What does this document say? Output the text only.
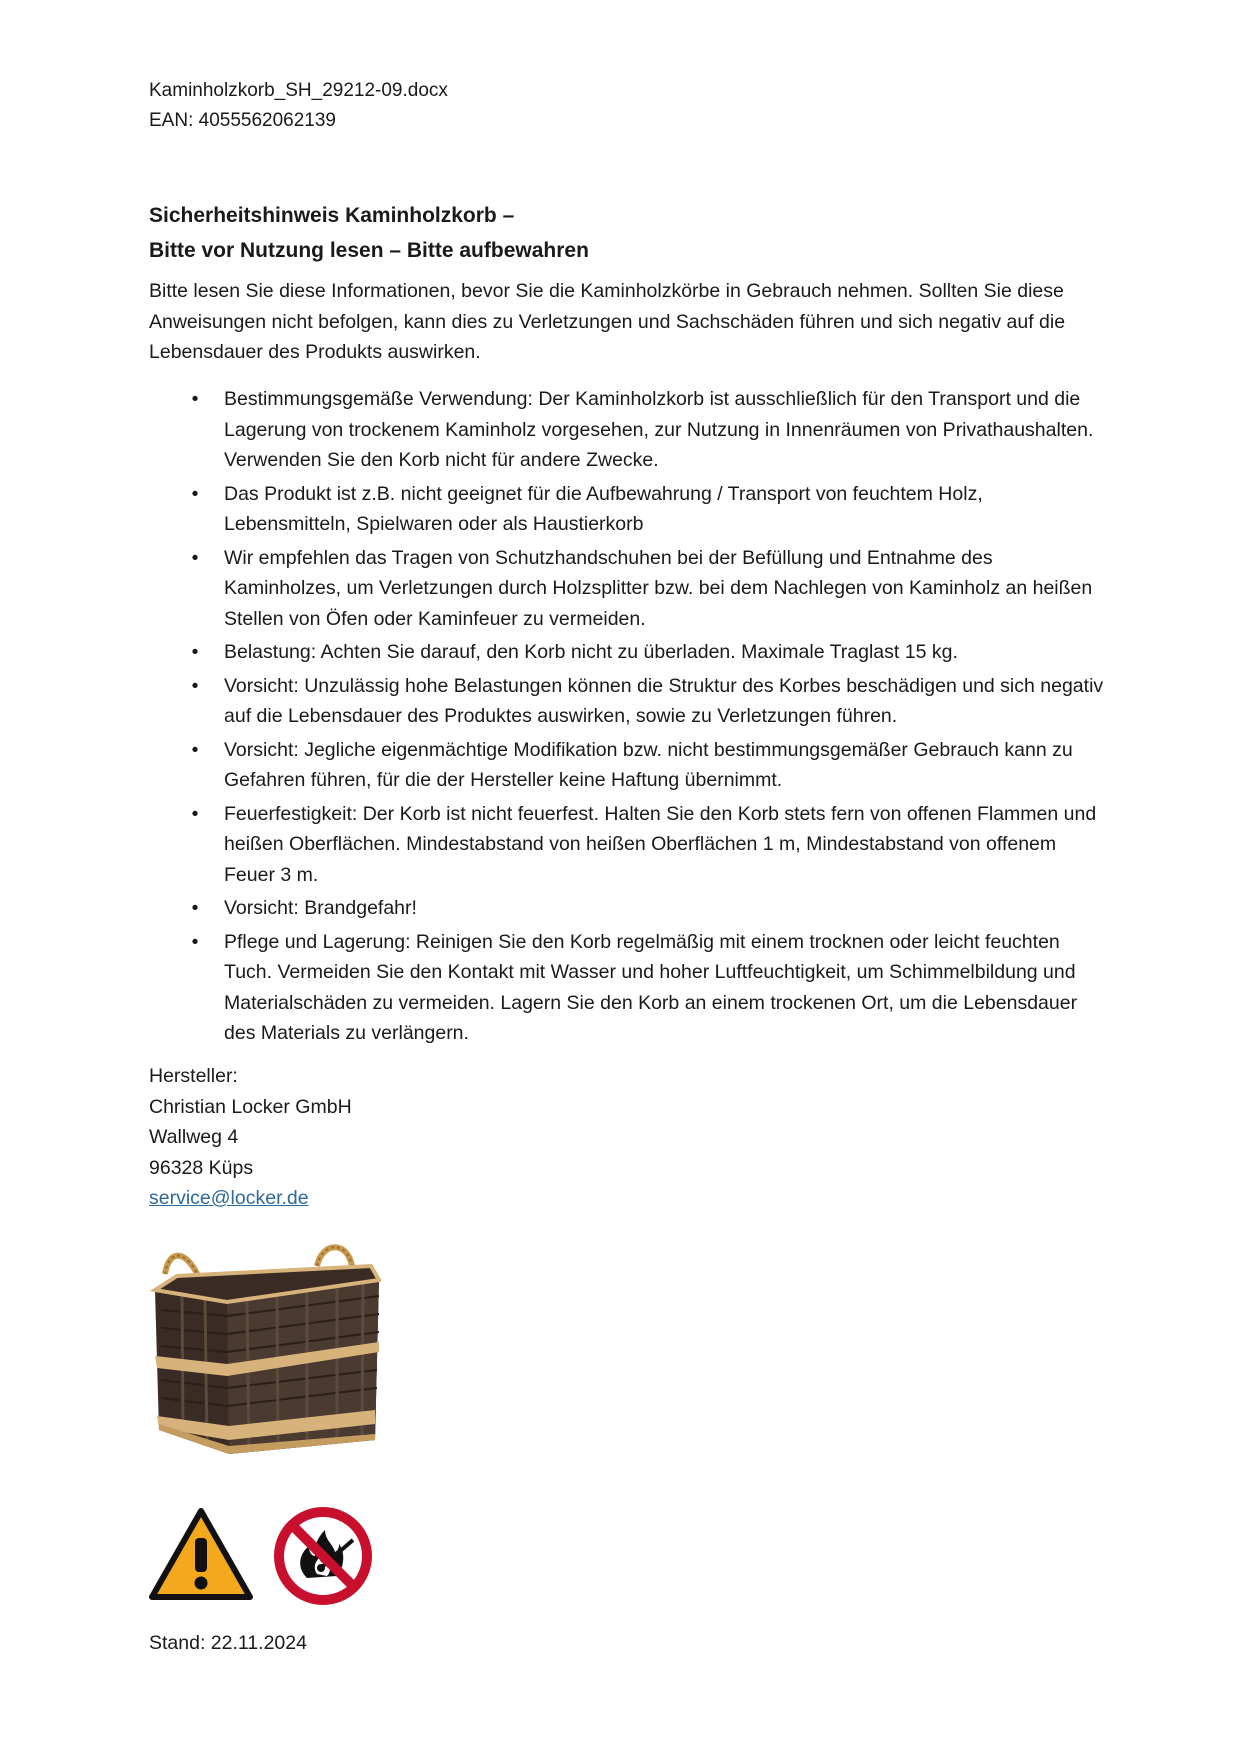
Kaminholzkorb_SH_29212-09.docx
EAN: 4055562062139
Sicherheitshinweis Kaminholzkorb –
Bitte vor Nutzung lesen – Bitte aufbewahren

Bitte lesen Sie diese Informationen, bevor Sie die Kaminholzkörbe in Gebrauch nehmen. Sollten Sie diese Anweisungen nicht befolgen, kann dies zu Verletzungen und Sachschäden führen und sich negativ auf die Lebensdauer des Produkts auswirken.

• Bestimmungsgemäße Verwendung: Der Kaminholzkorb ist ausschließlich für den Transport und die Lagerung von trockenem Kaminholz vorgesehen, zur Nutzung in Innenräumen von Privathaushalten. Verwenden Sie den Korb nicht für andere Zwecke.
• Das Produkt ist z.B. nicht geeignet für die Aufbewahrung / Transport von feuchtem Holz, Lebensmitteln, Spielwaren oder als Haustierkorb
• Wir empfehlen das Tragen von Schutzhandschuhen bei der Befüllung und Entnahme des Kaminholzes, um Verletzungen durch Holzsplitter bzw. bei dem Nachlegen von Kaminholz an heißen Stellen von Öfen oder Kaminfeuer zu vermeiden.
• Belastung: Achten Sie darauf, den Korb nicht zu überladen. Maximale Traglast 15 kg.
• Vorsicht: Unzulässig hohe Belastungen können die Struktur des Korbes beschädigen und sich negativ auf die Lebensdauer des Produktes auswirken, sowie zu Verletzungen führen.
• Vorsicht: Jegliche eigenmächtige Modifikation bzw. nicht bestimmungsgemäßer Gebrauch kann zu Gefahren führen, für die der Hersteller keine Haftung übernimmt.
• Feuerfestigkeit: Der Korb ist nicht feuerfest. Halten Sie den Korb stets fern von offenen Flammen und heißen Oberflächen. Mindestabstand von heißen Oberflächen 1 m, Mindestabstand von offenem Feuer 3 m.
• Vorsicht: Brandgefahr!
• Pflege und Lagerung: Reinigen Sie den Korb regelmäßig mit einem trocknen oder leicht feuchten Tuch. Vermeiden Sie den Kontakt mit Wasser und hoher Luftfeuchtigkeit, um Schimmelbildung und Materialschäden zu vermeiden. Lagern Sie den Korb an einem trockenen Ort, um die Lebensdauer des Materials zu verlängern.
Hersteller:
Christian Locker GmbH
Wallweg 4
96328 Küps
service@locker.de
Stand: 22.11.2024
